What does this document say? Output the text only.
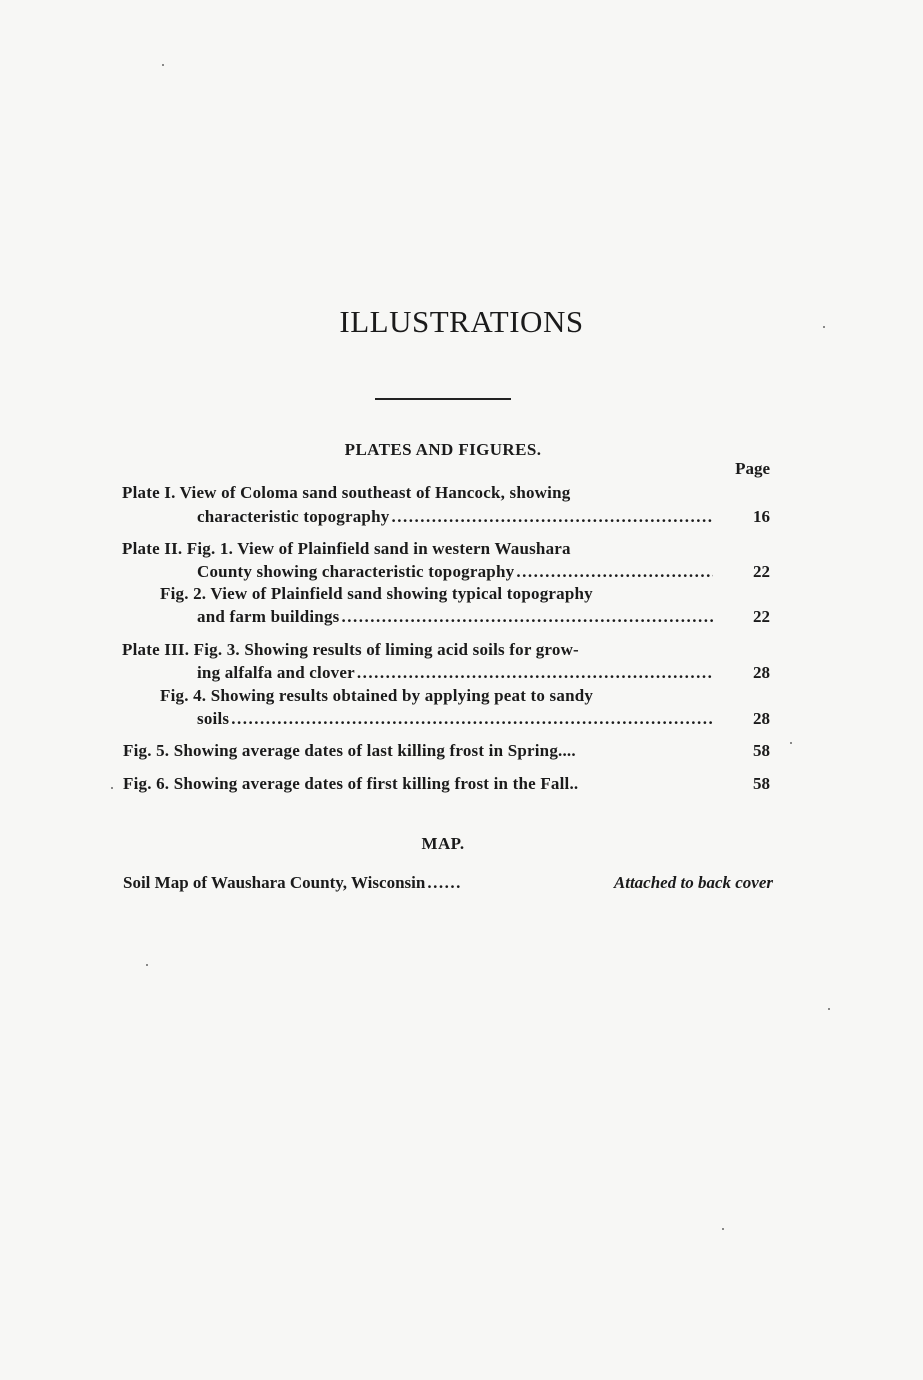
ILLUSTRATIONS
PLATES AND FIGURES.
Page
Plate I. View of Coloma sand southeast of Hancock, showing
characteristic topography .....	16
Plate II. Fig. 1. View of Plainfield sand in western Waushara
County showing characteristic topography .....	22
Fig. 2. View of Plainfield sand showing typical topography
and farm buildings .....	22
Plate III. Fig. 3. Showing results of liming acid soils for grow-
ing alfalfa and clover .....	28
Fig. 4. Showing results obtained by applying peat to sandy
soils .....	28
Fig. 5. Showing average dates of last killing frost in Spring....	58
Fig. 6. Showing average dates of first killing frost in the Fall..	58
MAP.
Soil Map of Waushara County, Wisconsin ......	Attached to back cover
